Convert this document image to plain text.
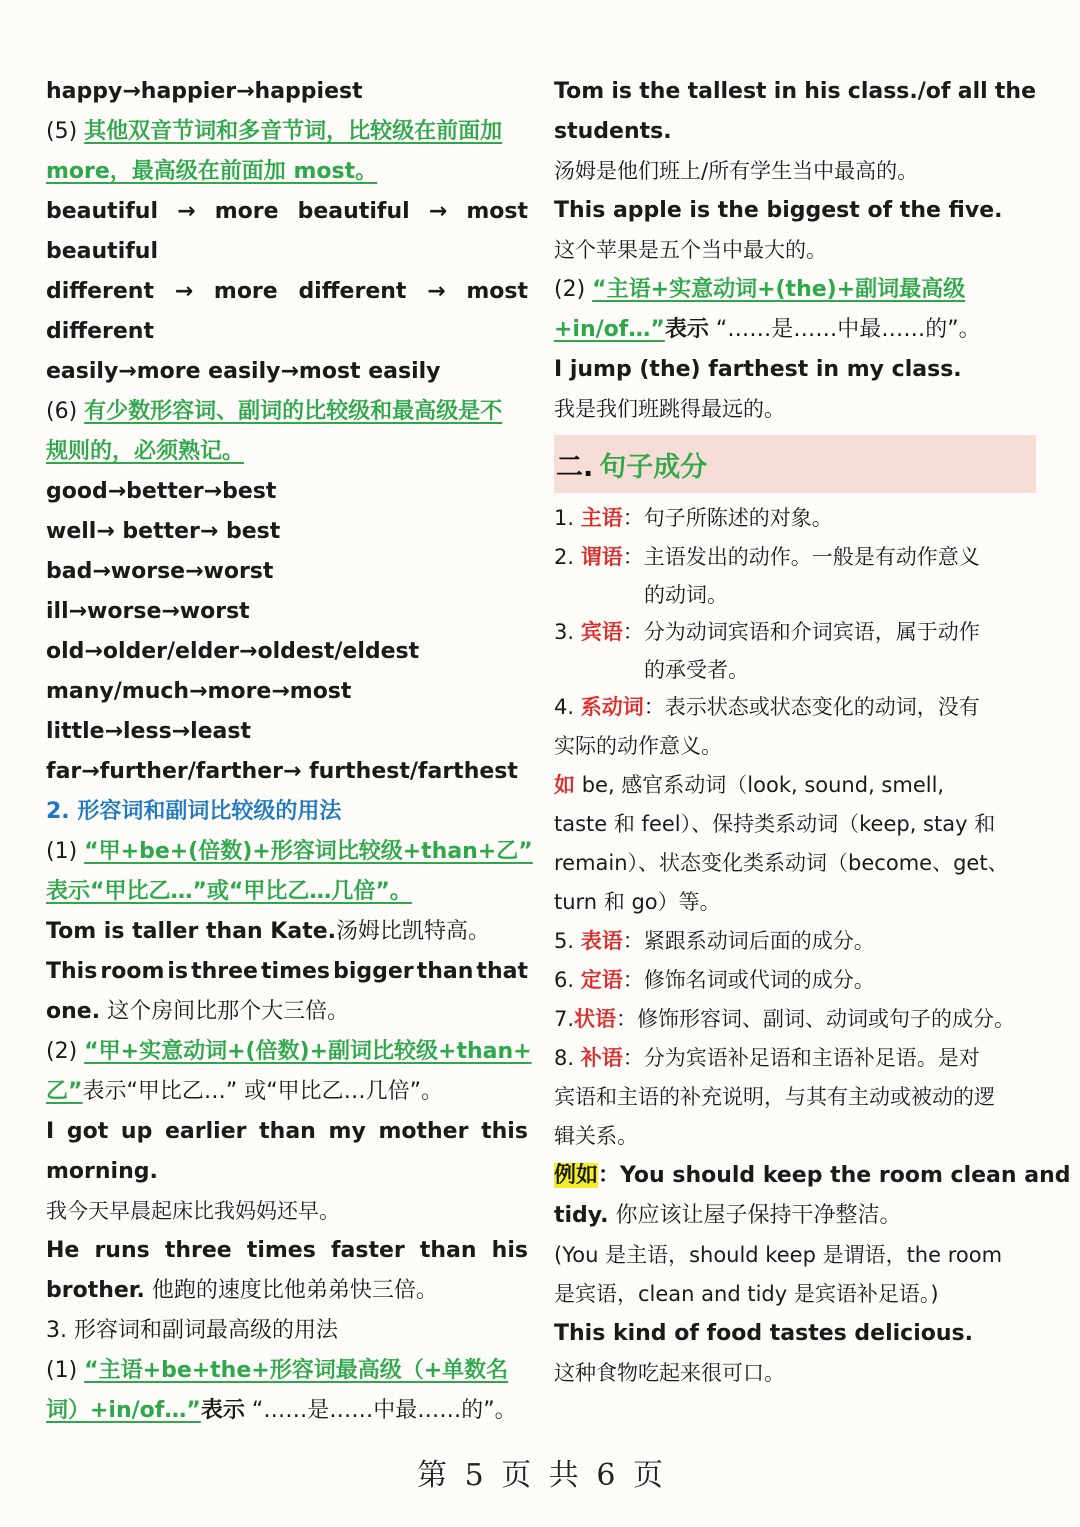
happy→happier→happiest
(5) 其他双音节词和多音节词，比较级在前面加
more，最高级在前面加 most。
beautiful → more beautiful → most
beautiful
different → more different → most
different
easily→more easily→most easily
(6) 有少数形容词、副词的比较级和最高级是不
规则的，必须熟记。
good→better→best
well→ better→ best
bad→worse→worst
ill→worse→worst
old→older/elder→oldest/eldest
many/much→more→most
little→less→least
far→further/farther→ furthest/farthest
2. 形容词和副词比较级的用法
(1) “甲+be+(倍数)+形容词比较级+than+乙”
表示“甲比乙…”或“甲比乙…几倍”。
Tom is taller than Kate.汤姆比凯特高。
This room is three times bigger than that
one. 这个房间比那个大三倍。
(2) “甲+实意动词+(倍数)+副词比较级+than+
乙”表示“甲比乙…” 或“甲比乙…几倍”。
I got up earlier than my mother this
morning.
我今天早晨起床比我妈妈还早。
He runs three times faster than his
brother. 他跑的速度比他弟弟快三倍。
3. 形容词和副词最高级的用法
(1) “主语+be+the+形容词最高级（+单数名
词）+in/of…”表示 “……是……中最……的”。
Tom is the tallest in his class./of all the
students.
汤姆是他们班上/所有学生当中最高的。
This apple is the biggest of the five.
这个苹果是五个当中最大的。
(2) “主语+实意动词+(the)+副词最高级
+in/of…”表示 “……是……中最……的”。
I jump (the) farthest in my class.
我是我们班跳得最远的。
二. 句子成分
1. 主语：句子所陈述的对象。
2. 谓语：主语发出的动作。一般是有动作意义
的动词。
3. 宾语：分为动词宾语和介词宾语，属于动作
的承受者。
4. 系动词：表示状态或状态变化的动词，没有
实际的动作意义。
如 be, 感官系动词（look, sound, smell,
taste 和 feel）、保持类系动词（keep, stay 和
remain）、状态变化类系动词（become、get、
turn 和 go）等。
5. 表语：紧跟系动词后面的成分。
6. 定语：修饰名词或代词的成分。
7.状语：修饰形容词、副词、动词或句子的成分。
8. 补语：分为宾语补足语和主语补足语。是对
宾语和主语的补充说明，与其有主动或被动的逻
辑关系。
例如：You should keep the room clean and
tidy. 你应该让屋子保持干净整洁。
(You 是主语，should keep 是谓语，the room
是宾语，clean and tidy 是宾语补足语。)
This kind of food tastes delicious.
这种食物吃起来很可口。
第 5 页 共 6 页
